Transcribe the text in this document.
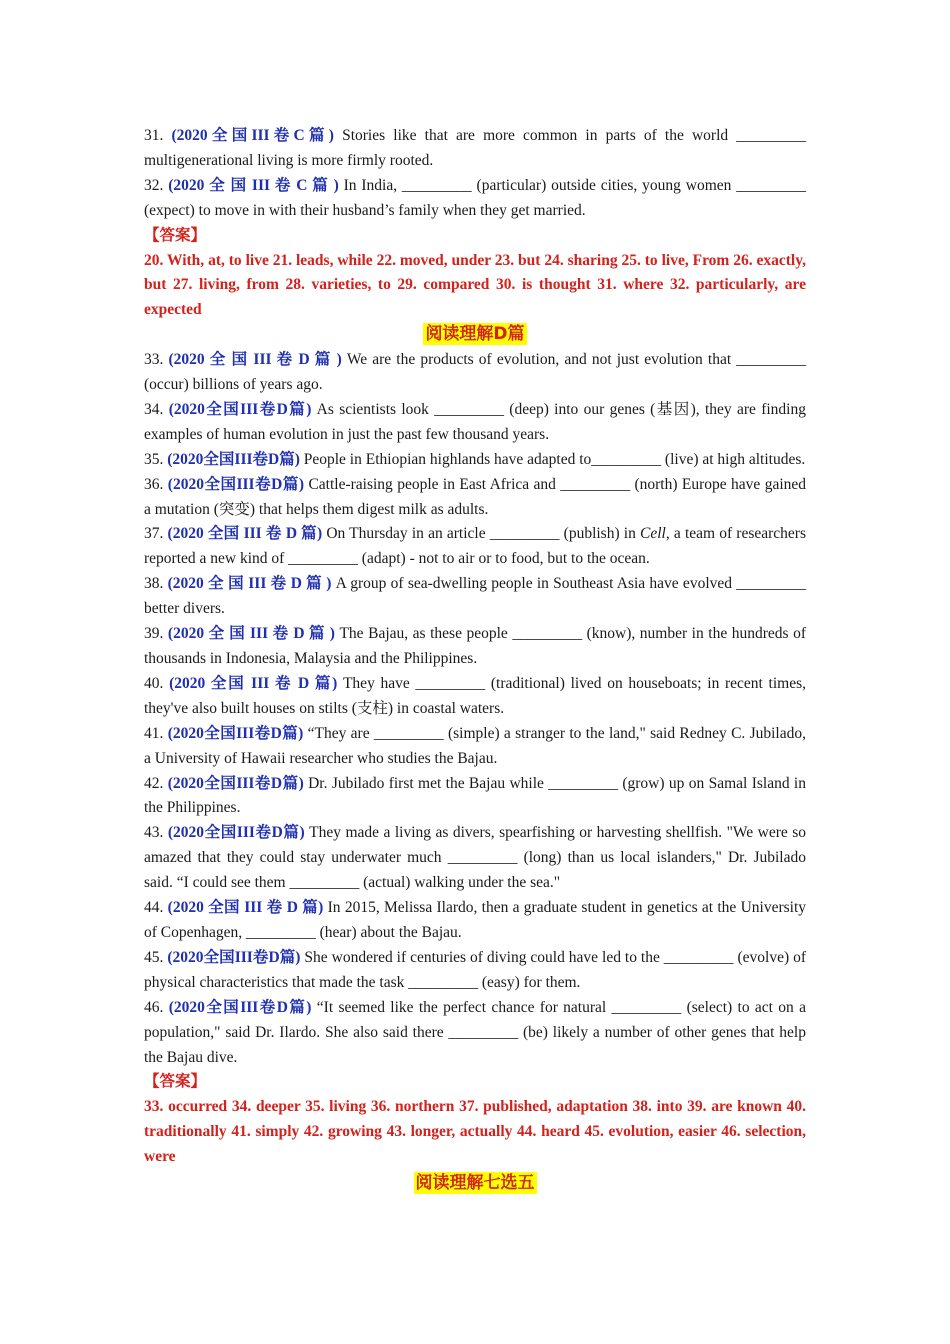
31. (2020全国III卷C篇) Stories like that are more common in parts of the world _________ multigenerational living is more firmly rooted.

32. (2020 全 国 III 卷 C 篇 ) In India, _________ (particular) outside cities, young women _________ (expect) to move in with their husband’s family when they get married.

【答案】

20. With, at, to live 21. leads, while 22. moved, under 23. but 24. sharing 25. to live, From 26. exactly, but 27. living, from 28. varieties, to 29. compared 30. is thought 31. where 32. particularly, are expected

阅读理解D篇

33. (2020 全 国 III 卷 D 篇 ) We are the products of evolution, and not just evolution that _________ (occur) billions of years ago.

34. (2020全国III卷D篇) As scientists look _________ (deep) into our genes (基因), they are finding examples of human evolution in just the past few thousand years.

35. (2020全国III卷D篇) People in Ethiopian highlands have adapted to_________ (live) at high altitudes.

36. (2020全国III卷D篇) Cattle-raising people in East Africa and _________ (north) Europe have gained a mutation (突变) that helps them digest milk as adults.

37. (2020 全国 III 卷 D 篇) On Thursday in an article _________ (publish) in Cell, a team of researchers reported a new kind of _________ (adapt) - not to air or to food, but to the ocean.

38. (2020 全 国 III 卷 D 篇 ) A group of sea-dwelling people in Southeast Asia have evolved _________ better divers.

39. (2020 全 国 III 卷 D 篇 ) The Bajau, as these people _________ (know), number in the hundreds of thousands in Indonesia, Malaysia and the Philippines.

40. (2020 全国 III 卷 D 篇) They have _________ (traditional) lived on houseboats; in recent times, they've also built houses on stilts (支柱) in coastal waters.

41. (2020全国III卷D篇) “They are _________ (simple) a stranger to the land," said Redney C. Jubilado, a University of Hawaii researcher who studies the Bajau.

42. (2020全国III卷D篇) Dr. Jubilado first met the Bajau while _________ (grow) up on Samal Island in the Philippines.

43. (2020全国III卷D篇) They made a living as divers, spearfishing or harvesting shellfish. "We were so amazed that they could stay underwater much _________ (long) than us local islanders," Dr. Jubilado said. “I could see them _________ (actual) walking under the sea."

44. (2020 全国 III 卷 D 篇) In 2015, Melissa Ilardo, then a graduate student in genetics at the University of Copenhagen, _________ (hear) about the Bajau.

45. (2020全国III卷D篇) She wondered if centuries of diving could have led to the _________ (evolve) of physical characteristics that made the task _________ (easy) for them.

46. (2020全国III卷D篇) “It seemed like the perfect chance for natural _________ (select) to act on a population," said Dr. Ilardo. She also said there _________ (be) likely a number of other genes that help the Bajau dive.

【答案】

33. occurred 34. deeper 35. living 36. northern 37. published, adaptation 38. into 39. are known 40. traditionally 41. simply 42. growing 43. longer, actually 44. heard 45. evolution, easier 46. selection, were

阅读理解七选五
